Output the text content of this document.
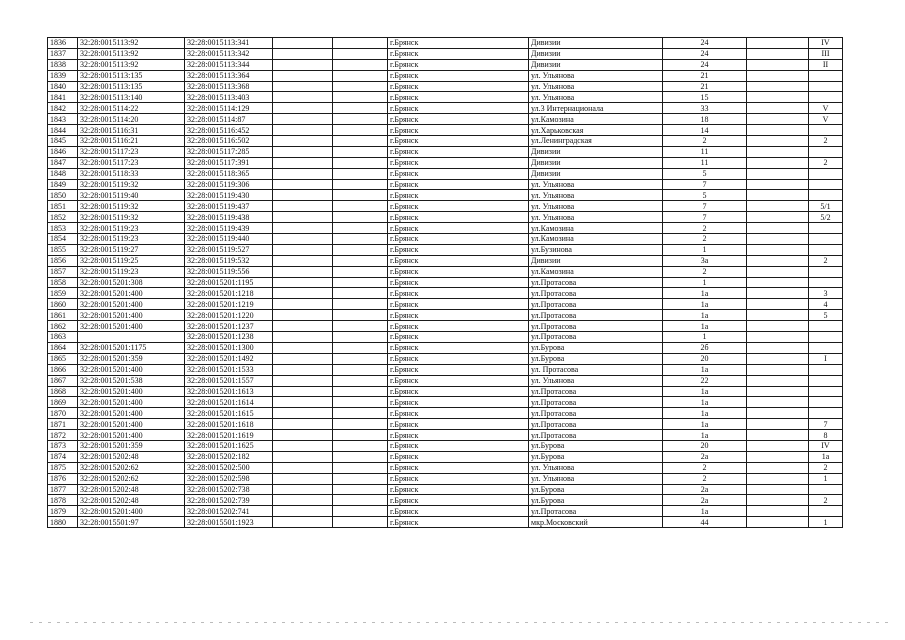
1836	32:28:0015113:92	32:28:0015113:341			г.Брянск	Дивизии	24		IV
1837	32:28:0015113:92	32:28:0015113:342			г.Брянск	Дивизии	24		III
1838	32:28:0015113:92	32:28:0015113:344			г.Брянск	Дивизии	24		II
1839	32:28:0015113:135	32:28:0015113:364			г.Брянск	ул. Ульянова	21		
1840	32:28:0015113:135	32:28:0015113:368			г.Брянск	ул. Ульянова	21		
1841	32:28:0015113:140	32:28:0015113:403			г.Брянск	ул. Ульянова	15		
1842	32:28:0015114:22	32:28:0015114:129			г.Брянск	ул.3 Интернационала	33		V
1843	32:28:0015114:20	32:28:0015114:87			г.Брянск	ул.Камозина	18		V
1844	32:28:0015116:31	32:28:0015116:452			г.Брянск	ул.Харьковская	14		
1845	32:28:0015116:21	32:28:0015116:502			г.Брянск	ул.Ленинградская	2		2
1846	32:28:0015117:23	32:28:0015117:285			г.Брянск	Дивизии	11		
1847	32:28:0015117:23	32:28:0015117:391			г.Брянск	Дивизии	11		2
1848	32:28:0015118:33	32:28:0015118:365			г.Брянск	Дивизии	5		
1849	32:28:0015119:32	32:28:0015119:306			г.Брянск	ул. Ульянова	7		
1850	32:28:0015119:40	32:28:0015119:430			г.Брянск	ул. Ульянова	5		
1851	32:28:0015119:32	32:28:0015119:437			г.Брянск	ул. Ульянова	7		5/1
1852	32:28:0015119:32	32:28:0015119:438			г.Брянск	ул. Ульянова	7		5/2
1853	32:28:0015119:23	32:28:0015119:439			г.Брянск	ул.Камозина	2		
1854	32:28:0015119:23	32:28:0015119:440			г.Брянск	ул.Камозина	2		
1855	32:28:0015119:27	32:28:0015119:527			г.Брянск	ул.Бузинова	1		
1856	32:28:0015119:25	32:28:0015119:532			г.Брянск	Дивизии	3а		2
1857	32:28:0015119:23	32:28:0015119:556			г.Брянск	ул.Камозина	2		
1858	32:28:0015201:308	32:28:0015201:1195			г.Брянск	ул.Протасова	1		
1859	32:28:0015201:400	32:28:0015201:1218			г.Брянск	ул.Протасова	1а		3
1860	32:28:0015201:400	32:28:0015201:1219			г.Брянск	ул.Протасова	1а		4
1861	32:28:0015201:400	32:28:0015201:1220			г.Брянск	ул.Протасова	1а		5
1862	32:28:0015201:400	32:28:0015201:1237			г.Брянск	ул.Протасова	1а		
1863		32:28:0015201:1238			г.Брянск	ул.Протасова	1		
1864	32:28:0015201:1175	32:28:0015201:1300			г.Брянск	ул.Бурова	2б		
1865	32:28:0015201:359	32:28:0015201:1492			г.Брянск	ул.Бурова	20		I
1866	32:28:0015201:400	32:28:0015201:1533			г.Брянск	ул. Протасова	1а		
1867	32:28:0015201:538	32:28:0015201:1557			г.Брянск	ул. Ульянова	22		
1868	32:28:0015201:400	32:28:0015201:1613			г.Брянск	ул.Протасова	1а		
1869	32:28:0015201:400	32:28:0015201:1614			г.Брянск	ул.Протасова	1а		
1870	32:28:0015201:400	32:28:0015201:1615			г.Брянск	ул.Протасова	1а		
1871	32:28:0015201:400	32:28:0015201:1618			г.Брянск	ул.Протасова	1а		7
1872	32:28:0015201:400	32:28:0015201:1619			г.Брянск	ул.Протасова	1а		8
1873	32:28:0015201:359	32:28:0015201:1625			г.Брянск	ул.Бурова	20		IV
1874	32:28:0015202:48	32:28:0015202:182			г.Брянск	ул.Бурова	2а		1а
1875	32:28:0015202:62	32:28:0015202:500			г.Брянск	ул. Ульянова	2		2
1876	32:28:0015202:62	32:28:0015202:598			г.Брянск	ул. Ульянова	2		1
1877	32:28:0015202:48	32:28:0015202:738			г.Брянск	ул.Бурова	2а		
1878	32:28:0015202:48	32:28:0015202:739			г.Брянск	ул.Бурова	2а		2
1879	32:28:0015201:400	32:28:0015202:741			г.Брянск	ул.Протасова	1а		
1880	32:28:0015501:97	32:28:0015501:1923			г.Брянск	мкр.Московский	44		1
